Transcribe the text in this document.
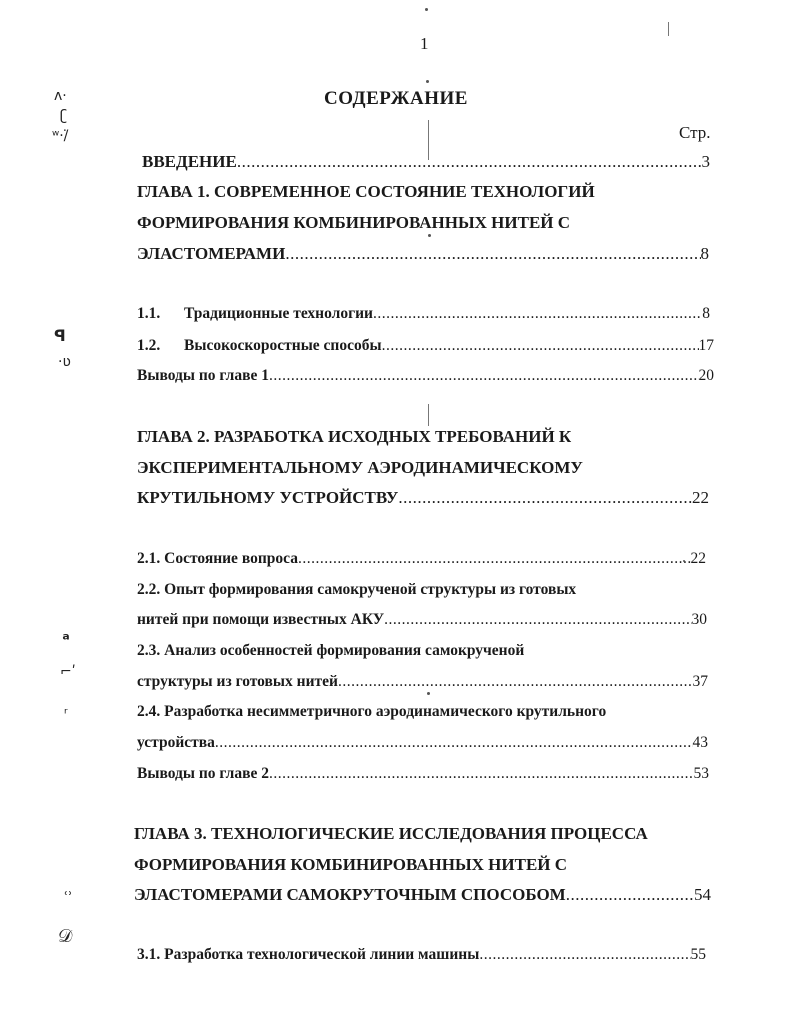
1
СОДЕРЖАНИЕ
Стр.
ВВЕДЕНИЕ .....	3
ГЛАВА 1. СОВРЕМЕННОЕ СОСТОЯНИЕ ТЕХНОЛОГИЙ
ФОРМИРОВАНИЯ КОМБИНИРОВАННЫХ НИТЕЙ С
ЭЛАСТОМЕРАМИ .....	8
1.1. Традиционные технологии .....	8
1.2. Высокоскоростные способы .....	17
Выводы по главе 1 .....	20
ГЛАВА 2. РАЗРАБОТКА ИСХОДНЫХ ТРЕБОВАНИЙ К
ЭКСПЕРИМЕНТАЛЬНОМУ АЭРОДИНАМИЧЕСКОМУ
КРУТИЛЬНОМУ УСТРОЙСТВУ .....	22
2.1. Состояние вопроса .....	22
2.2. Опыт формирования самокрученой структуры из готовых
нитей при помощи известных АКУ .....	30
2.3. Анализ особенностей формирования самокрученой
структуры из готовых нитей .....	37
2.4. Разработка несимметричного аэродинамического крутильного
устройства .....	43
Выводы по главе 2 .....	53
ГЛАВА 3. ТЕХНОЛОГИЧЕСКИЕ ИССЛЕДОВАНИЯ ПРОЦЕССА
ФОРМИРОВАНИЯ КОМБИНИРОВАННЫХ НИТЕЙ С
ЭЛАСТОМЕРАМИ САМОКРУТОЧНЫМ СПОСОБОМ .....	54
3.1. Разработка технологической линии машины .....	55
ᴧ·
ʗ
ʷ·/̇
ꟼ
·ʋ
ᵃ
⌐ʹ
ʳ
ʿʾ
𝒟
